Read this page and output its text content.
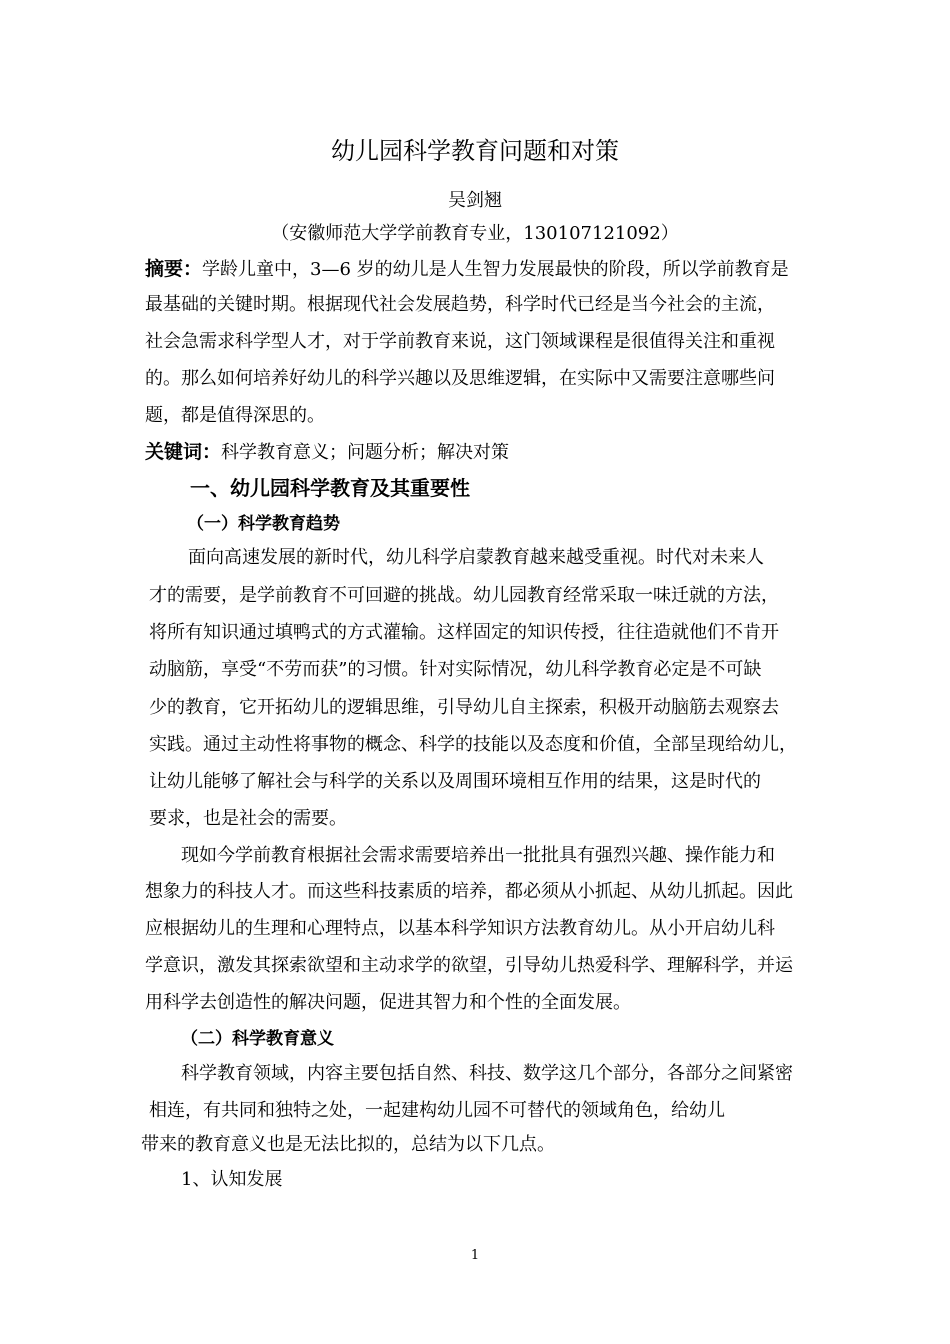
幼儿园科学教育问题和对策
吴剑翘
（安徽师范大学学前教育专业，130107121092）
摘要：学龄儿童中，3—6 岁的幼儿是人生智力发展最快的阶段，所以学前教育是
最基础的关键时期。根据现代社会发展趋势，科学时代已经是当今社会的主流，
社会急需求科学型人才，对于学前教育来说，这门领域课程是很值得关注和重视
的。那么如何培养好幼儿的科学兴趣以及思维逻辑，在实际中又需要注意哪些问
题，都是值得深思的。
关键词：科学教育意义；问题分析；解决对策
一、幼儿园科学教育及其重要性
（一）科学教育趋势
面向高速发展的新时代，幼儿科学启蒙教育越来越受重视。时代对未来人
才的需要，是学前教育不可回避的挑战。幼儿园教育经常采取一味迁就的方法，
将所有知识通过填鸭式的方式灌输。这样固定的知识传授，往往造就他们不肯开
动脑筋，享受“不劳而获”的习惯。针对实际情况，幼儿科学教育必定是不可缺
少的教育，它开拓幼儿的逻辑思维，引导幼儿自主探索，积极开动脑筋去观察去
实践。通过主动性将事物的概念、科学的技能以及态度和价值，全部呈现给幼儿，
让幼儿能够了解社会与科学的关系以及周围环境相互作用的结果，这是时代的
要求，也是社会的需要。
现如今学前教育根据社会需求需要培养出一批批具有强烈兴趣、操作能力和
想象力的科技人才。而这些科技素质的培养，都必须从小抓起、从幼儿抓起。因此
应根据幼儿的生理和心理特点，以基本科学知识方法教育幼儿。从小开启幼儿科
学意识，激发其探索欲望和主动求学的欲望，引导幼儿热爱科学、理解科学，并运
用科学去创造性的解决问题，促进其智力和个性的全面发展。
（二）科学教育意义
科学教育领域，内容主要包括自然、科技、数学这几个部分，各部分之间紧密
相连，有共同和独特之处，一起建构幼儿园不可替代的领域角色，给幼儿
带来的教育意义也是无法比拟的，总结为以下几点。
1、认知发展
1
